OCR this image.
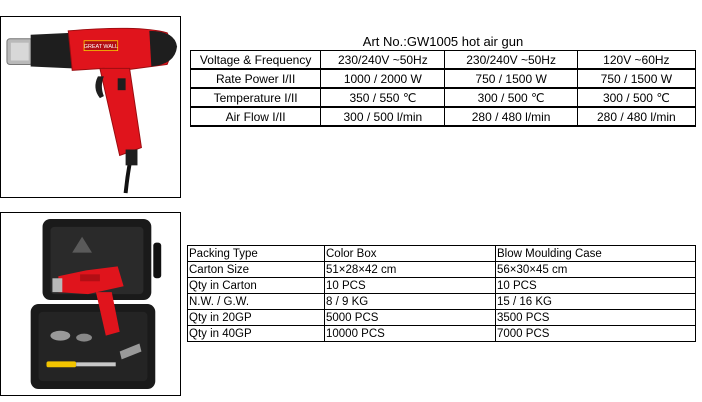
GREAT WALL	Art No.:GW1005 hot air gun
Voltage & Frequency	230/240V ~50Hz	230/240V ~50Hz	120V ~60Hz
Rate Power I/II	1000 / 2000 W	750 / 1500 W	750 / 1500 W
Temperature I/II	350 / 550 ℃	300 / 500 ℃	300 / 500 ℃
Air Flow I/II	300 / 500 l/min	280 / 480 l/min	280 / 480 l/min
Packing Type	Color Box	Blow Moulding Case
Carton Size	51×28×42 cm	56×30×45 cm
Qty in Carton	10 PCS	10 PCS
N.W. / G.W.	8 / 9 KG	15 / 16 KG
Qty in 20GP	5000 PCS	3500 PCS
Qty in 40GP	10000 PCS	7000 PCS
